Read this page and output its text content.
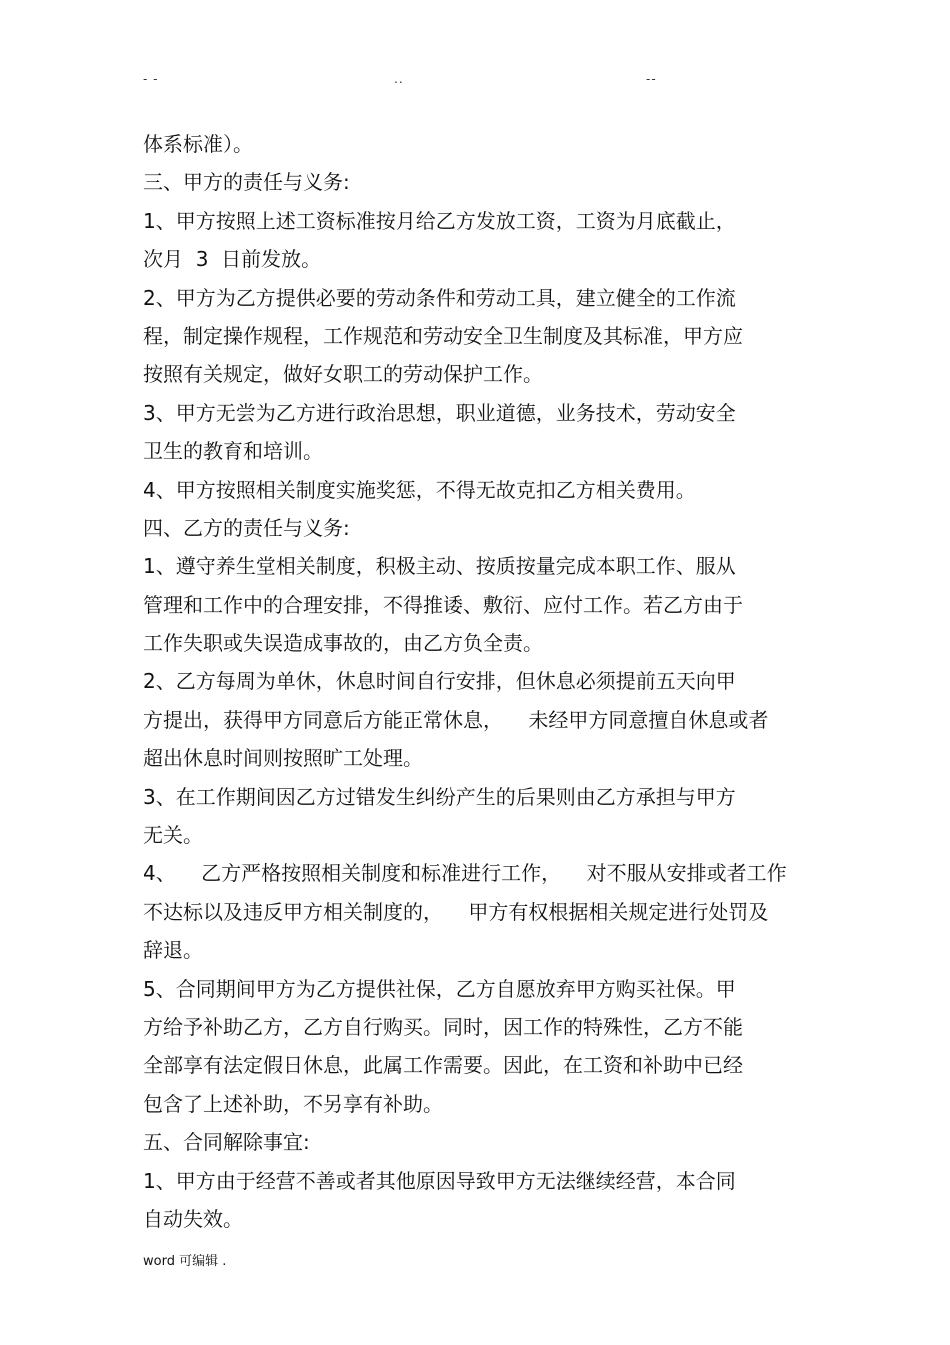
- -	..	--
体系标准）。
三、甲方的责任与义务:
1、甲方按照上述工资标准按月给乙方发放工资，工资为月底截止，
次月  3  日前发放。
2、甲方为乙方提供必要的劳动条件和劳动工具，建立健全的工作流
程，制定操作规程，工作规范和劳动安全卫生制度及其标准，甲方应
按照有关规定，做好女职工的劳动保护工作。
3、甲方无尝为乙方进行政治思想，职业道德，业务技术，劳动安全
卫生的教育和培训。
4、甲方按照相关制度实施奖惩，不得无故克扣乙方相关费用。
四、乙方的责任与义务:
1、遵守养生堂相关制度，积极主动、按质按量完成本职工作、服从
管理和工作中的合理安排，不得推诿、敷衍、应付工作。若乙方由于
工作失职或失误造成事故的，由乙方负全责。
2、乙方每周为单休，休息时间自行安排，但休息必须提前五天向甲
方提出，获得甲方同意后方能正常休息，    未经甲方同意擅自休息或者
超出休息时间则按照旷工处理。
3、在工作期间因乙方过错发生纠纷产生的后果则由乙方承担与甲方
无关。
4、    乙方严格按照相关制度和标准进行工作，    对不服从安排或者工作
不达标以及违反甲方相关制度的，    甲方有权根据相关规定进行处罚及
辞退。
5、合同期间甲方为乙方提供社保，乙方自愿放弃甲方购买社保。甲
方给予补助乙方，乙方自行购买。同时，因工作的特殊性，乙方不能
全部享有法定假日休息，此属工作需要。因此，在工资和补助中已经
包含了上述补助，不另享有补助。
五、合同解除事宜:
1、甲方由于经营不善或者其他原因导致甲方无法继续经营，本合同
自动失效。
word 可编辑 .
